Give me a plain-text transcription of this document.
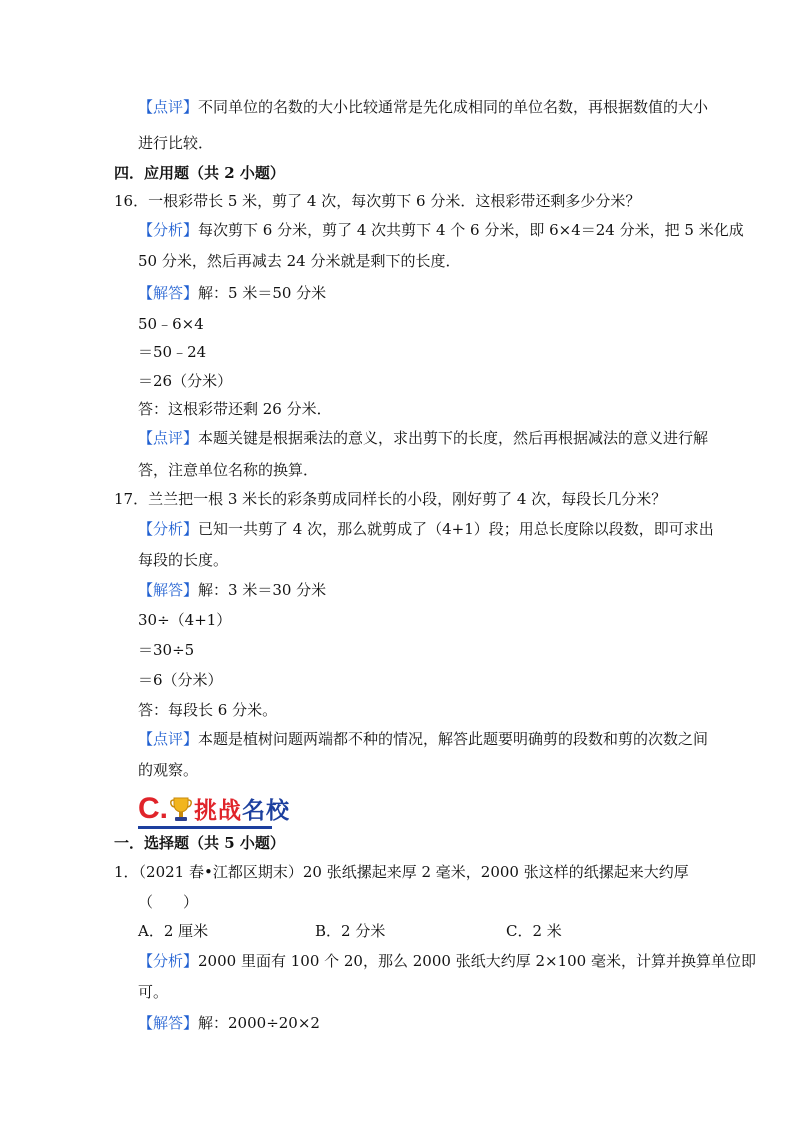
【点评】不同单位的名数的大小比较通常是先化成相同的单位名数，再根据数值的大小
进行比较．
四．应用题（共 2 小题）
16．一根彩带长 5 米，剪了 4 次，每次剪下 6 分米．这根彩带还剩多少分米？
【分析】每次剪下 6 分米，剪了 4 次共剪下 4 个 6 分米，即 6×4＝24 分米，把 5 米化成
50 分米，然后再减去 24 分米就是剩下的长度．
【解答】解：5 米＝50 分米
50﹣6×4
＝50﹣24
＝26（分米）
答：这根彩带还剩 26 分米．
【点评】本题关键是根据乘法的意义，求出剪下的长度，然后再根据减法的意义进行解
答，注意单位名称的换算．
17．兰兰把一根 3 米长的彩条剪成同样长的小段，刚好剪了 4 次，每段长几分米？
【分析】已知一共剪了 4 次，那么就剪成了（4+1）段；用总长度除以段数，即可求出
每段的长度。
【解答】解：3 米＝30 分米
30÷（4+1）
＝30÷5
＝6（分米）
答：每段长 6 分米。
【点评】本题是植树问题两端都不种的情况，解答此题要明确剪的段数和剪的次数之间
的观察。
C. 挑战 名校
一．选择题（共 5 小题）
1．（2021 春•江都区期末）20 张纸摞起来厚 2 毫米，2000 张这样的纸摞起来大约厚
（　　）
A．2 厘米	B．2 分米	C．2 米
【分析】2000 里面有 100 个 20，那么 2000 张纸大约厚 2×100 毫米，计算并换算单位即
可。
【解答】解：2000÷20×2
